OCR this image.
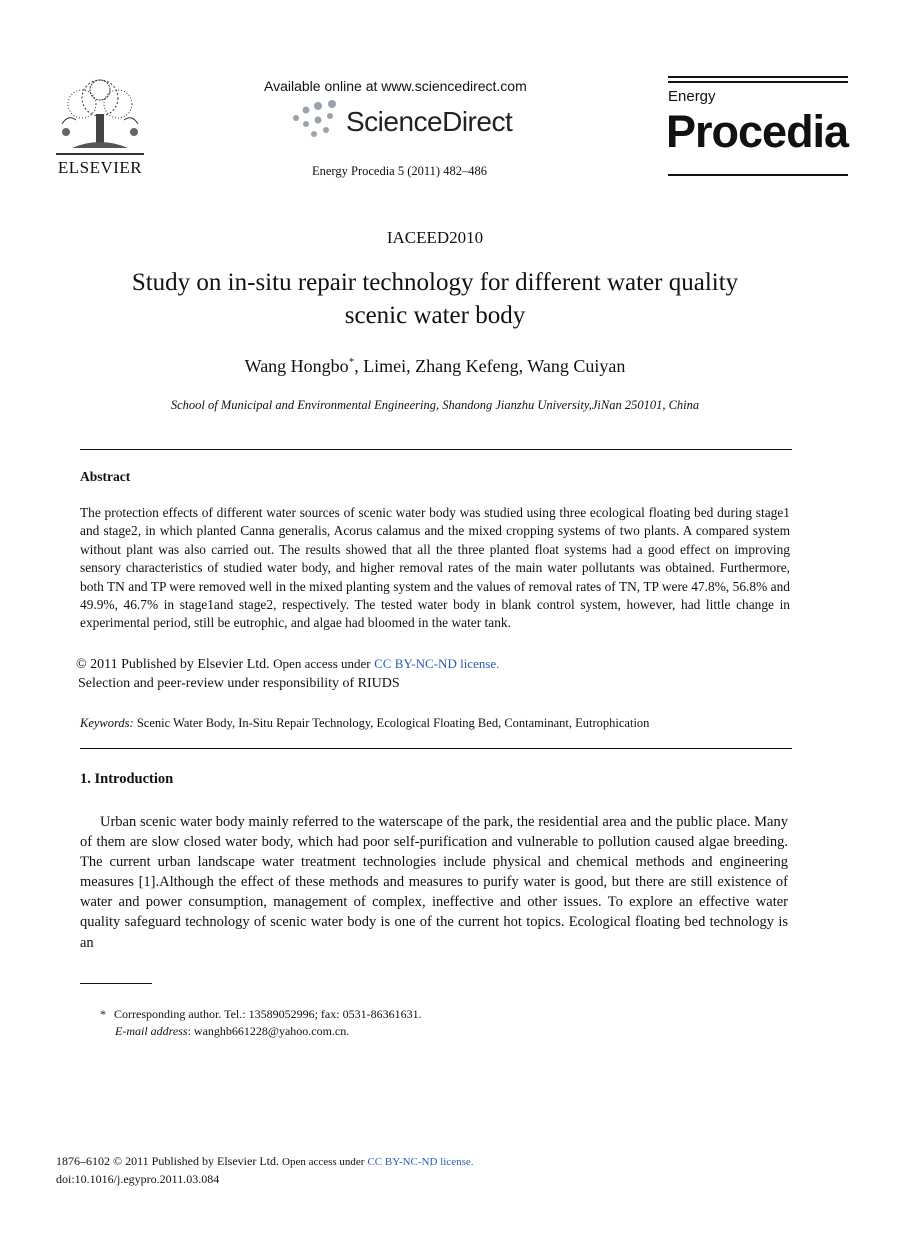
ELSEVIER
Available online at www.sciencedirect.com
ScienceDirect
Energy Procedia 5 (2011) 482–486
Energy
Procedia
IACEED2010
Study on in-situ repair technology for different water quality
scenic water body
Wang Hongbo*, Limei, Zhang Kefeng, Wang Cuiyan
School of Municipal and Environmental Engineering, Shandong Jianzhu University,JiNan 250101, China
Abstract
The protection effects of different water sources of scenic water body was studied using three ecological floating bed during stage1 and stage2, in which planted Canna generalis, Acorus calamus and the mixed cropping systems of two plants. A compared system without plant was also carried out. The results showed that all the three planted float systems had a good effect on improving sensory characteristics of studied water body, and higher removal rates of the main water pollutants was obtained. Furthermore, both TN and TP were removed well in the mixed planting system and the values of removal rates of TN, TP were 47.8%, 56.8% and 49.9%, 46.7% in stage1and stage2, respectively. The tested water body in blank control system, however, had little change in experimental period, still be eutrophic, and algae had bloomed in the water tank.
© 2011 Published by Elsevier Ltd. Open access under CC BY-NC-ND license.
Selection and peer-review under responsibility of RIUDS
Keywords: Scenic Water Body, In-Situ Repair Technology, Ecological Floating Bed, Contaminant, Eutrophication
1. Introduction
Urban scenic water body mainly referred to the waterscape of the park, the residential area and the public place. Many of them are slow closed water body, which had poor self-purification and vulnerable to pollution caused algae breeding. The current urban landscape water treatment technologies include physical and chemical methods and engineering measures [1].Although the effect of these methods and measures to purify water is good, but there are still existence of water and power consumption, management of complex, ineffective and other issues. To explore an effective water quality safeguard technology of scenic water body is one of the current hot topics. Ecological floating bed technology is an
* Corresponding author. Tel.: 13589052996; fax: 0531-86361631.
E-mail address: wanghb661228@yahoo.com.cn.
1876–6102 © 2011 Published by Elsevier Ltd. Open access under CC BY-NC-ND license.
doi:10.1016/j.egypro.2011.03.084
